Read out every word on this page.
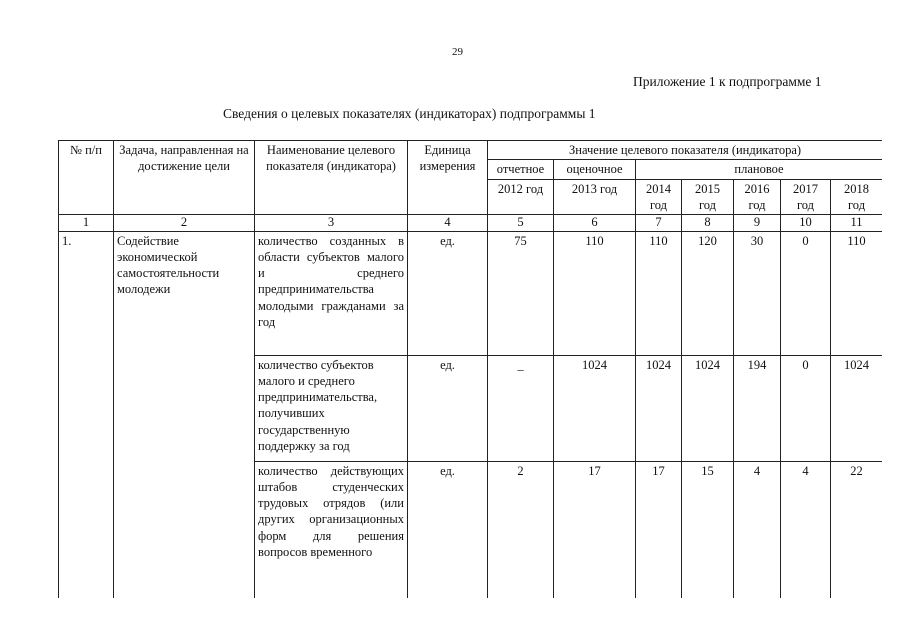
29
Приложение 1 к подпрограмме 1
Сведения о целевых показателях (индикаторах) подпрограммы 1
№ п/п	Задача, направленная на достижение цели	Наименование целевого показателя (индикатора)	Единица измерения	Значение целевого показателя (индикатора)						
				отчетное	оценочное	плановое				
				2012 год	2013 год	2014 год	2015 год	2016 год	2017 год	2018 год
1	2	3	4	5	6	7	8	9	10	11
1.	Содействие экономической самостоятельности молодежи	количество созданных в области субъектов малого и среднего предпринимательства молодыми гражданами за год	ед.	75	110	110	120	30	0	110
		количество субъектов малого и среднего предпринимательства, получивших государственную поддержку за год	ед.	_	1024	1024	1024	194	0	1024
		количество действующих штабов студенческих трудовых отрядов (или других организационных форм для решения вопросов временного	ед.	2	17	17	15	4	4	22
